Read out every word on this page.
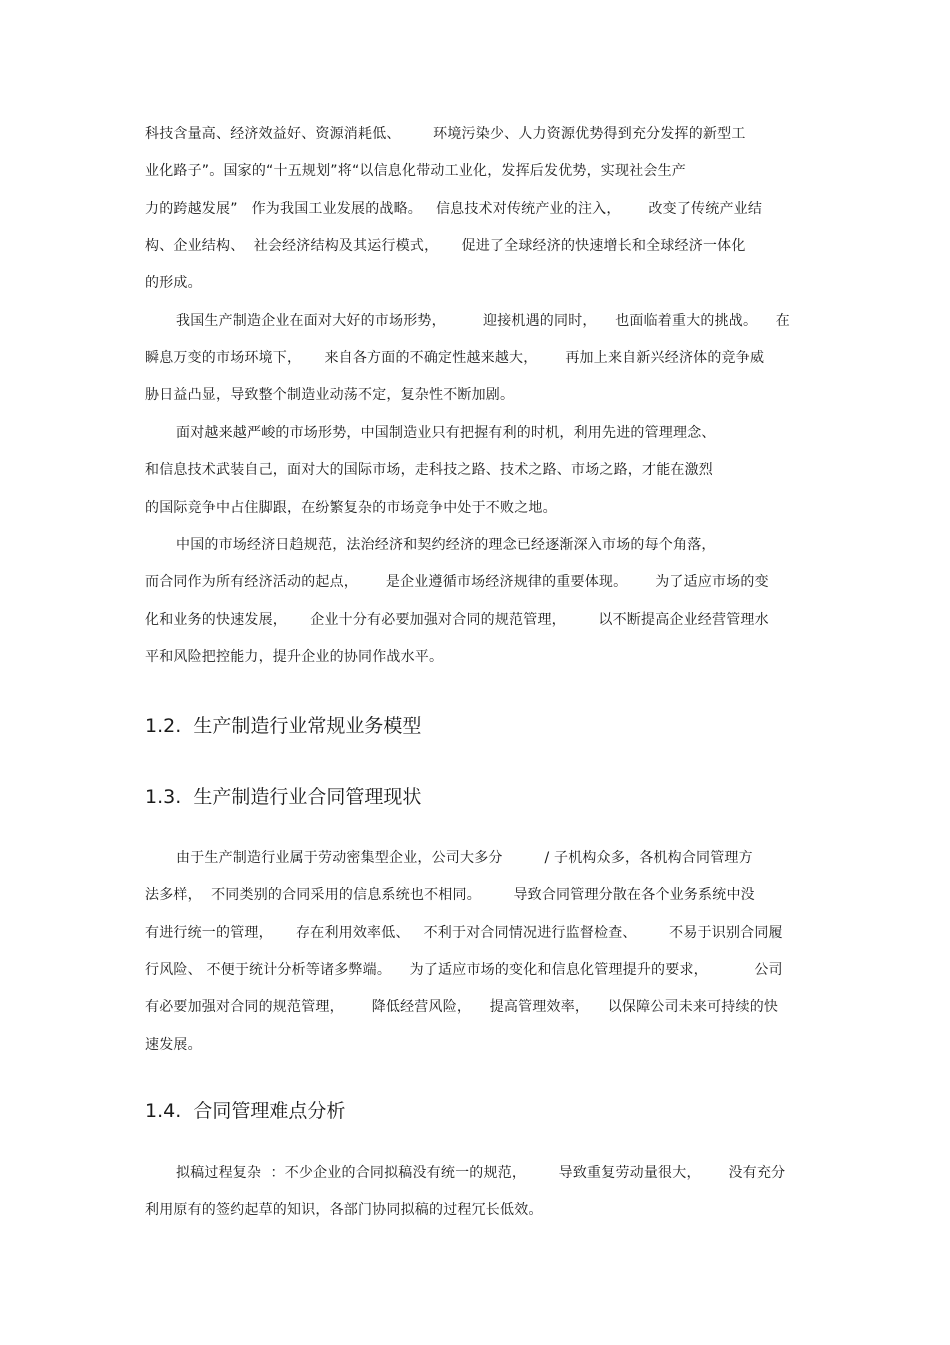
科技含量高、经济效益好、资源消耗低、       环境污染少、人力资源优势得到充分发挥的新型工

业化路子”。国家的“十五规划”将“以信息化带动工业化，发挥后发优势，实现社会生产

力的跨越发展”   作为我国工业发展的战略。   信息技术对传统产业的注入，      改变了传统产业结

构、企业结构、  社会经济结构及其运行模式，     促进了全球经济的快速增长和全球经济一体化

的形成。

我国生产制造企业在面对大好的市场形势，        迎接机遇的同时，    也面临着重大的挑战。    在

瞬息万变的市场环境下，     来自各方面的不确定性越来越大，      再加上来自新兴经济体的竞争威

胁日益凸显，导致整个制造业动荡不定，复杂性不断加剧。

面对越来越严峻的市场形势，中国制造业只有把握有利的时机，利用先进的管理理念、

和信息技术武装自己，面对大的国际市场，走科技之路、技术之路、市场之路，才能在激烈

的国际竞争中占住脚跟，在纷繁复杂的市场竞争中处于不败之地。

中国的市场经济日趋规范，法治经济和契约经济的理念已经逐渐深入市场的每个角落，

而合同作为所有经济活动的起点，      是企业遵循市场经济规律的重要体现。      为了适应市场的变

化和业务的快速发展，     企业十分有必要加强对合同的规范管理，       以不断提高企业经营管理水

平和风险把控能力，提升企业的协同作战水平。

1.2.  生产制造行业常规业务模型
1.3.  生产制造行业合同管理现状

由于生产制造行业属于劳动密集型企业，公司大多分         / 子机构众多，各机构合同管理方

法多样，  不同类别的合同采用的信息系统也不相同。       导致合同管理分散在各个业务系统中没

有进行统一的管理，     存在利用效率低、   不利于对合同情况进行监督检查、       不易于识别合同履

行风险、 不便于统计分析等诸多弊端。    为了适应市场的变化和信息化管理提升的要求，          公司

有必要加强对合同的规范管理，      降低经营风险，    提高管理效率，    以保障公司未来可持续的快

速发展。

1.4.  合同管理难点分析

拟稿过程复杂  ：不少企业的合同拟稿没有统一的规范，       导致重复劳动量很大，      没有充分

利用原有的签约起草的知识，各部门协同拟稿的过程冗长低效。
